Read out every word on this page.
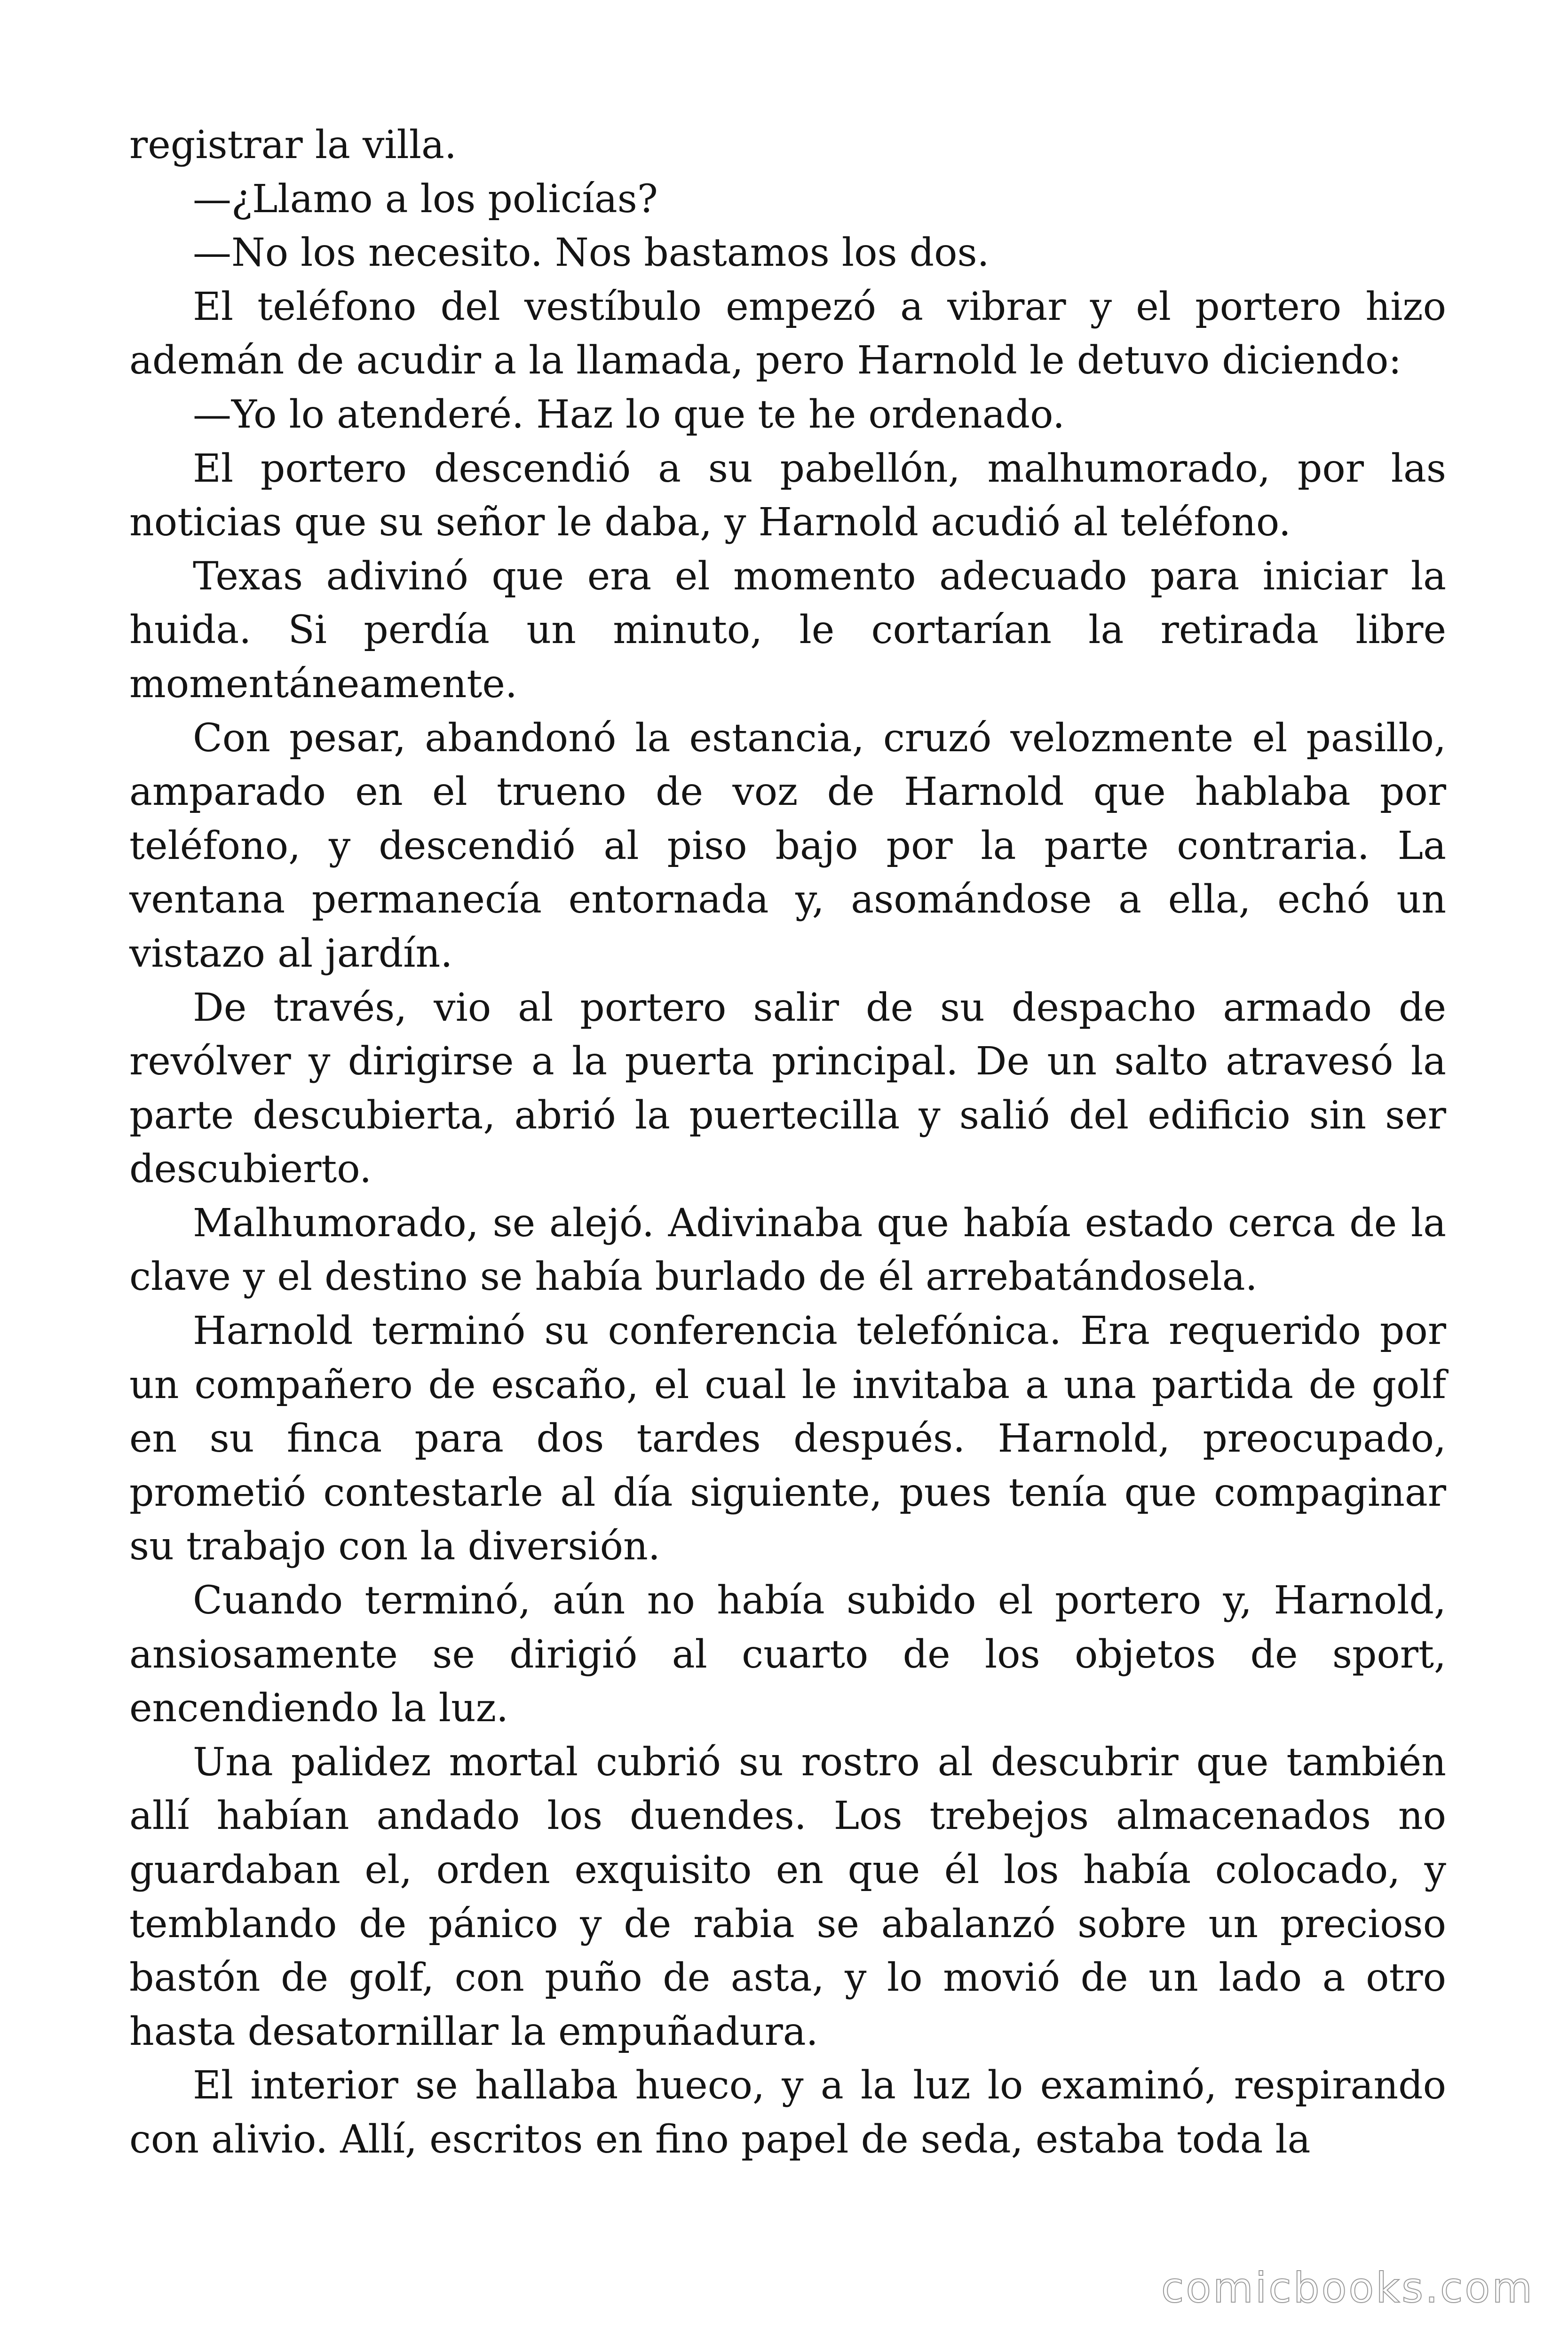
registrar la villa.

—¿Llamo a los policías?

—No los necesito. Nos bastamos los dos.

El teléfono del vestíbulo empezó a vibrar y el portero hizo ademán de acudir a la llamada, pero Harnold le detuvo diciendo:

—Yo lo atenderé. Haz lo que te he ordenado.

El portero descendió a su pabellón, malhumorado, por las noticias que su señor le daba, y Harnold acudió al teléfono.

Texas adivinó que era el momento adecuado para iniciar la huida. Si perdía un minuto, le cortarían la retirada libre momentáneamente.

Con pesar, abandonó la estancia, cruzó velozmente el pasillo, amparado en el trueno de voz de Harnold que hablaba por teléfono, y descendió al piso bajo por la parte contraria. La ventana permanecía entornada y, asomándose a ella, echó un vistazo al jardín.

De través, vio al portero salir de su despacho armado de revólver y dirigirse a la puerta principal. De un salto atravesó la parte descubierta, abrió la puertecilla y salió del edificio sin ser descubierto.

Malhumorado, se alejó. Adivinaba que había estado cerca de la clave y el destino se había burlado de él arrebatándosela.

Harnold terminó su conferencia telefónica. Era requerido por un compañero de escaño, el cual le invitaba a una partida de golf en su finca para dos tardes después. Harnold, preocupado, prometió contestarle al día siguiente, pues tenía que compaginar su trabajo con la diversión.

Cuando terminó, aún no había subido el portero y, Harnold, ansiosamente se dirigió al cuarto de los objetos de sport, encendiendo la luz.

Una palidez mortal cubrió su rostro al descubrir que también allí habían andado los duendes. Los trebejos almacenados no guardaban el, orden exquisito en que él los había colocado, y temblando de pánico y de rabia se abalanzó sobre un precioso bastón de golf, con puño de asta, y lo movió de un lado a otro hasta desatornillar la empuñadura.

El interior se hallaba hueco, y a la luz lo examinó, respirando con alivio. Allí, escritos en fino papel de seda, estaba toda la

comicbooks.com
